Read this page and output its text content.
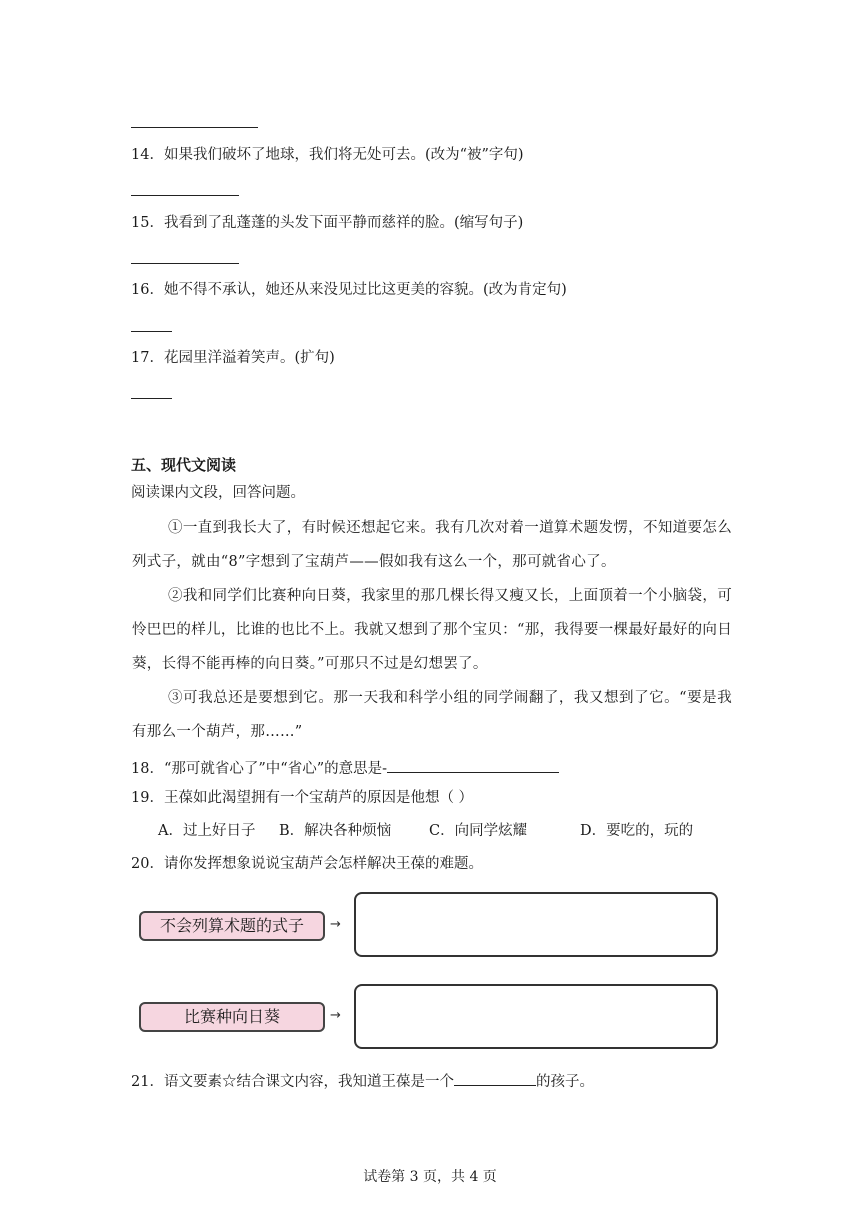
14．如果我们破坏了地球，我们将无处可去。(改为“被”字句)
15．我看到了乱蓬蓬的头发下面平静而慈祥的脸。(缩写句子)
16．她不得不承认，她还从来没见过比这更美的容貌。(改为肯定句)
17．花园里洋溢着笑声。(扩句)
五、现代文阅读
阅读课内文段，回答问题。
①一直到我长大了，有时候还想起它来。我有几次对着一道算术题发愣，不知道要怎么列式子，就由“8”字想到了宝葫芦——假如我有这么一个，那可就省心了。
②我和同学们比赛种向日葵，我家里的那几棵长得又瘦又长，上面顶着一个小脑袋，可怜巴巴的样儿，比谁的也比不上。我就又想到了那个宝贝：“那，我得要一棵最好最好的向日葵，长得不能再棒的向日葵。”可那只不过是幻想罢了。
③可我总还是要想到它。那一天我和科学小组的同学闹翻了，我又想到了它。“要是我有那么一个葫芦，那……”
18．“那可就省心了”中“省心”的意思是-
19．王葆如此渴望拥有一个宝葫芦的原因是他想（ ）
A．过上好日子 B．解决各种烦恼	C．向同学炫耀	D．要吃的，玩的
20．请你发挥想象说说宝葫芦会怎样解决王葆的难题。
不会列算术题的式子	→
比赛种向日葵	→
21．语文要素☆结合课文内容，我知道王葆是一个	的孩子。
试卷第 3 页，共 4 页
